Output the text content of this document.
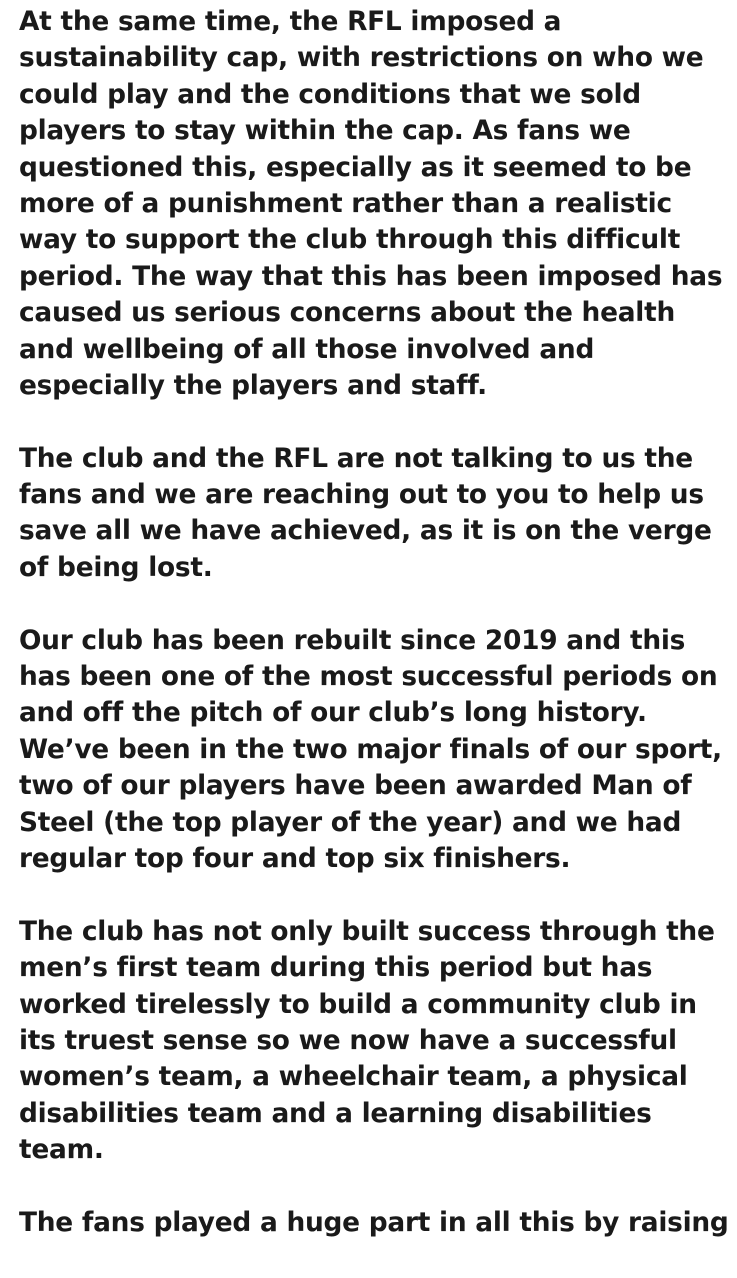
At the same time, the RFL imposed a
sustainability cap, with restrictions on who we
could play and the conditions that we sold
players to stay within the cap. As fans we
questioned this, especially as it seemed to be
more of a punishment rather than a realistic
way to support the club through this difficult
period. The way that this has been imposed has
caused us serious concerns about the health
and wellbeing of all those involved and
especially the players and staff.
The club and the RFL are not talking to us the
fans and we are reaching out to you to help us
save all we have achieved, as it is on the verge
of being lost.
Our club has been rebuilt since 2019 and this
has been one of the most successful periods on
and off the pitch of our club’s long history.
We’ve been in the two major finals of our sport,
two of our players have been awarded Man of
Steel (the top player of the year) and we had
regular top four and top six finishers.
The club has not only built success through the
men’s first team during this period but has
worked tirelessly to build a community club in
its truest sense so we now have a successful
women’s team, a wheelchair team, a physical
disabilities team and a learning disabilities
team.
The fans played a huge part in all this by raising
